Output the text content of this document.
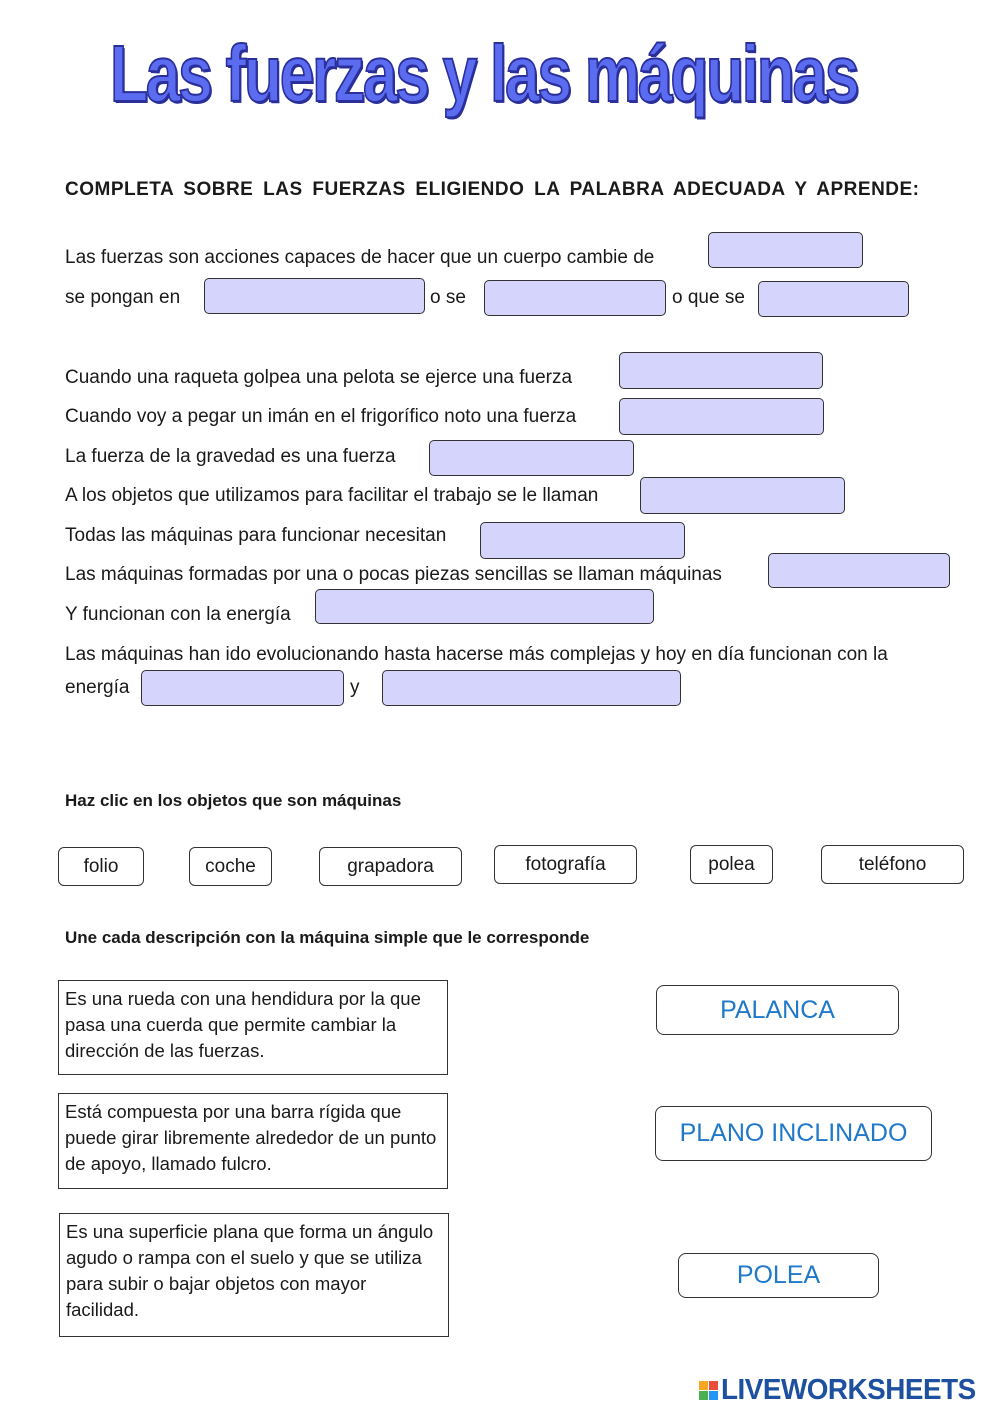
Las fuerzas y las máquinas
COMPLETA SOBRE LAS FUERZAS ELIGIENDO LA PALABRA ADECUADA Y APRENDE:
Las fuerzas son acciones capaces de hacer que un cuerpo cambie de
se pongan en	o se	o que se
Cuando una raqueta golpea una pelota se ejerce una fuerza
Cuando voy a pegar un imán en el frigorífico noto una fuerza
La fuerza de la gravedad es una fuerza
A los objetos que utilizamos para facilitar el trabajo se le llaman
Todas las máquinas para funcionar necesitan
Las máquinas formadas por una o pocas piezas sencillas se llaman máquinas
Y funcionan con la energía
Las máquinas han ido evolucionando hasta hacerse más complejas y hoy en día funcionan con la
energía	y
Haz clic en los objetos que son máquinas
folio	coche	grapadora	fotografía	polea	teléfono
Une cada descripción con la máquina simple que le corresponde
Es una rueda con una hendidura por la que pasa una cuerda que permite cambiar la dirección de las fuerzas.
Está compuesta por una barra rígida que puede girar libremente alrededor de un punto de apoyo, llamado fulcro.
Es una superficie plana que forma un ángulo agudo o rampa con el suelo y que se utiliza para subir o bajar objetos con mayor facilidad.
PALANCA
PLANO INCLINADO
POLEA
LIVEWORKSHEETS
